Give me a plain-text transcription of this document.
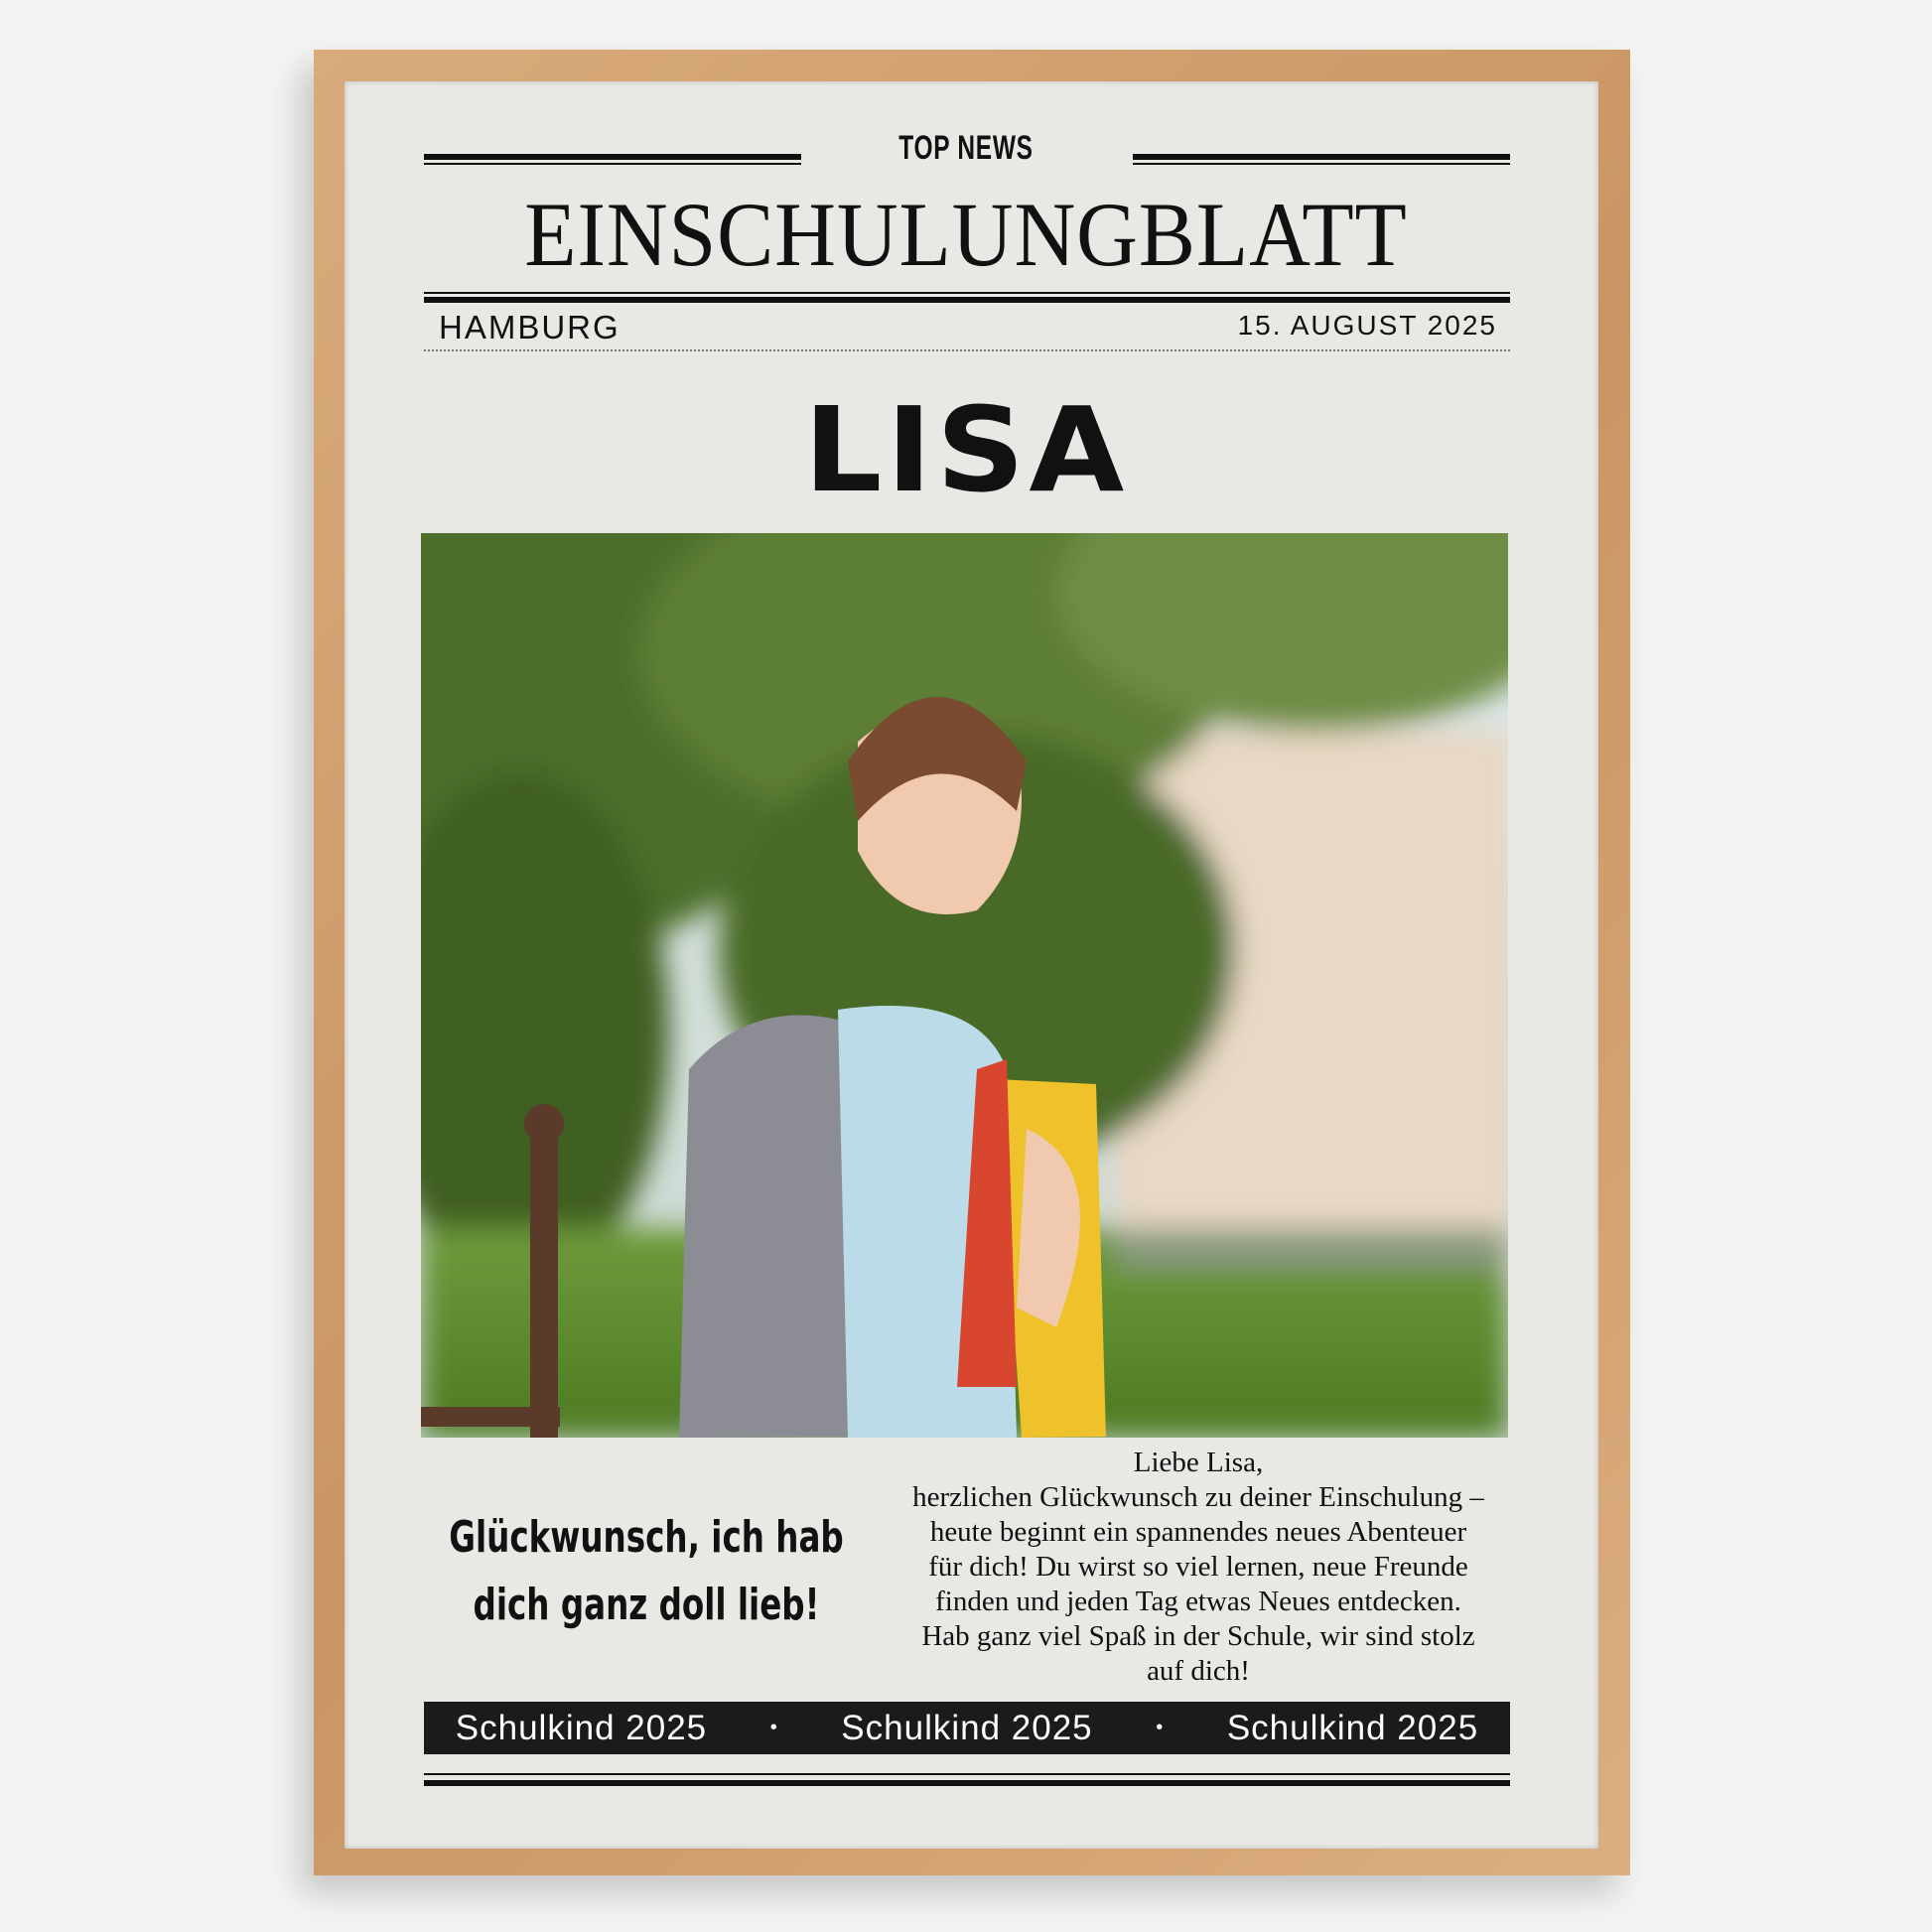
TOP NEWS
EINSCHULUNGBLATT
HAMBURG	15. AUGUST 2025
LISA
Glückwunsch, ich hab
dich ganz doll lieb!
Liebe Lisa,
herzlichen Glückwunsch zu deiner Einschulung –
heute beginnt ein spannendes neues Abenteuer
für dich! Du wirst so viel lernen, neue Freunde
finden und jeden Tag etwas Neues entdecken.
Hab ganz viel Spaß in der Schule, wir sind stolz
auf dich!
Schulkind 2025	• Schulkind 2025	• Schulkind 2025
